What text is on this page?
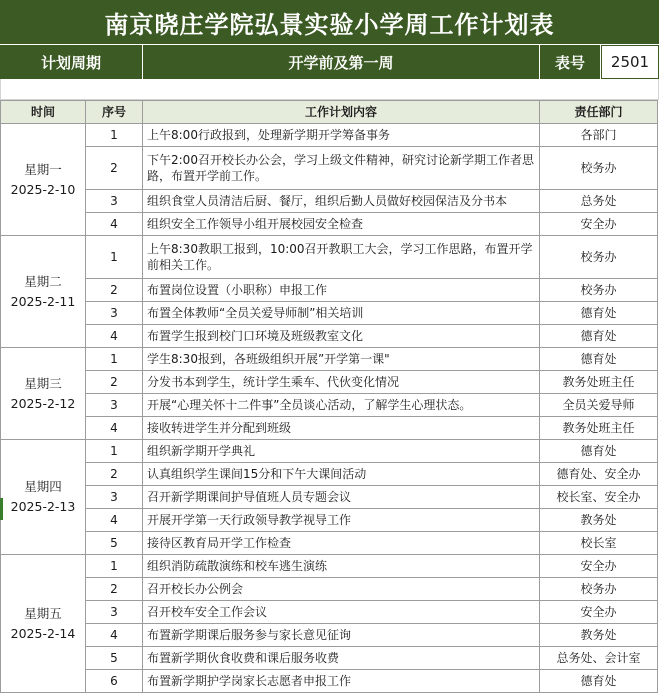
南京晓庄学院弘景实验小学周工作计划表
计划周期	开学前及第一周	表号	2501
时间	序号	工作计划内容	责任部门

星期一
2025-2-10	1	上午8:00行政报到，处理新学期开学筹备事务	各部门
	2	下午2:00召开校长办公会，学习上级文件精神，研究讨论新学期工作者思路，布置开学前工作。	校务办
	3	组织食堂人员清洁后厨、餐厅，组织后勤人员做好校园保洁及分书本	总务处
	4	组织安全工作领导小组开展校园安全检查	安全办

星期二
2025-2-11	1	上午8:30教职工报到，10:00召开教职工大会，学习工作思路，布置开学前相关工作。	校务办
	2	布置岗位设置（小职称）申报工作	校务办
	3	布置全体教师“全员关爱导师制”相关培训	德育处
	4	布置学生报到校门口环境及班级教室文化	德育处

星期三
2025-2-12	1	学生8:30报到，各班级组织开展”开学第一课"	德育处
	2	分发书本到学生，统计学生乘车、代伙变化情况	教务处班主任
	3	开展“心理关怀十二件事”全员谈心活动，了解学生心理状态。	全员关爱导师
	4	接收转进学生并分配到班级	教务处班主任

星期四
2025-2-13	1	组织新学期开学典礼	德育处
	2	认真组织学生课间15分和下午大课间活动	德育处、安全办
	3	召开新学期课间护导值班人员专题会议	校长室、安全办
	4	开展开学第一天行政领导教学视导工作	教务处
	5	接待区教育局开学工作检查	校长室

星期五
2025-2-14	1	组织消防疏散演练和校车逃生演练	安全办
	2	召开校长办公例会	校务办
	3	召开校车安全工作会议	安全办
	4	布置新学期课后服务参与家长意见征询	教务处
	5	布置新学期伙食收费和课后服务收费	总务处、会计室
	6	布置新学期护学岗家长志愿者申报工作	德育处
